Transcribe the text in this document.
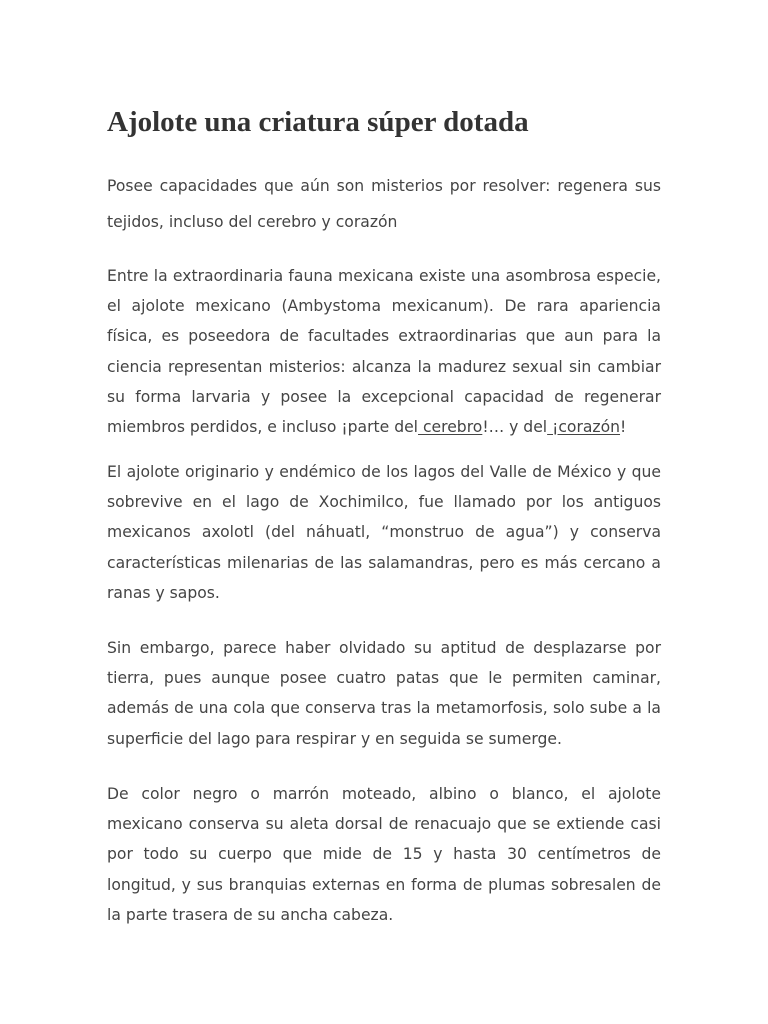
Ajolote una criatura súper dotada

Posee capacidades que aún son misterios por resolver: regenera sus tejidos, incluso del cerebro y corazón

Entre la extraordinaria fauna mexicana existe una asombrosa especie, el ajolote mexicano (Ambystoma mexicanum). De rara apariencia física, es poseedora de facultades extraordinarias que aun para la ciencia representan misterios: alcanza la madurez sexual sin cambiar su forma larvaria y posee la excepcional capacidad de regenerar miembros perdidos, e incluso ¡parte del cerebro!… y del ¡corazón!

El ajolote originario y endémico de los lagos del Valle de México y que sobrevive en el lago de Xochimilco, fue llamado por los antiguos mexicanos axolotl (del náhuatl, “monstruo de agua”) y conserva características milenarias de las salamandras, pero es más cercano a ranas y sapos.

Sin embargo, parece haber olvidado su aptitud de desplazarse por tierra, pues aunque posee cuatro patas que le permiten caminar, además de una cola que conserva tras la metamorfosis, solo sube a la superficie del lago para respirar y en seguida se sumerge.

De color negro o marrón moteado, albino o blanco, el ajolote mexicano conserva su aleta dorsal de renacuajo que se extiende casi por todo su cuerpo que mide de 15 y hasta 30 centímetros de longitud, y sus branquias externas en forma de plumas sobresalen de la parte trasera de su ancha cabeza.
